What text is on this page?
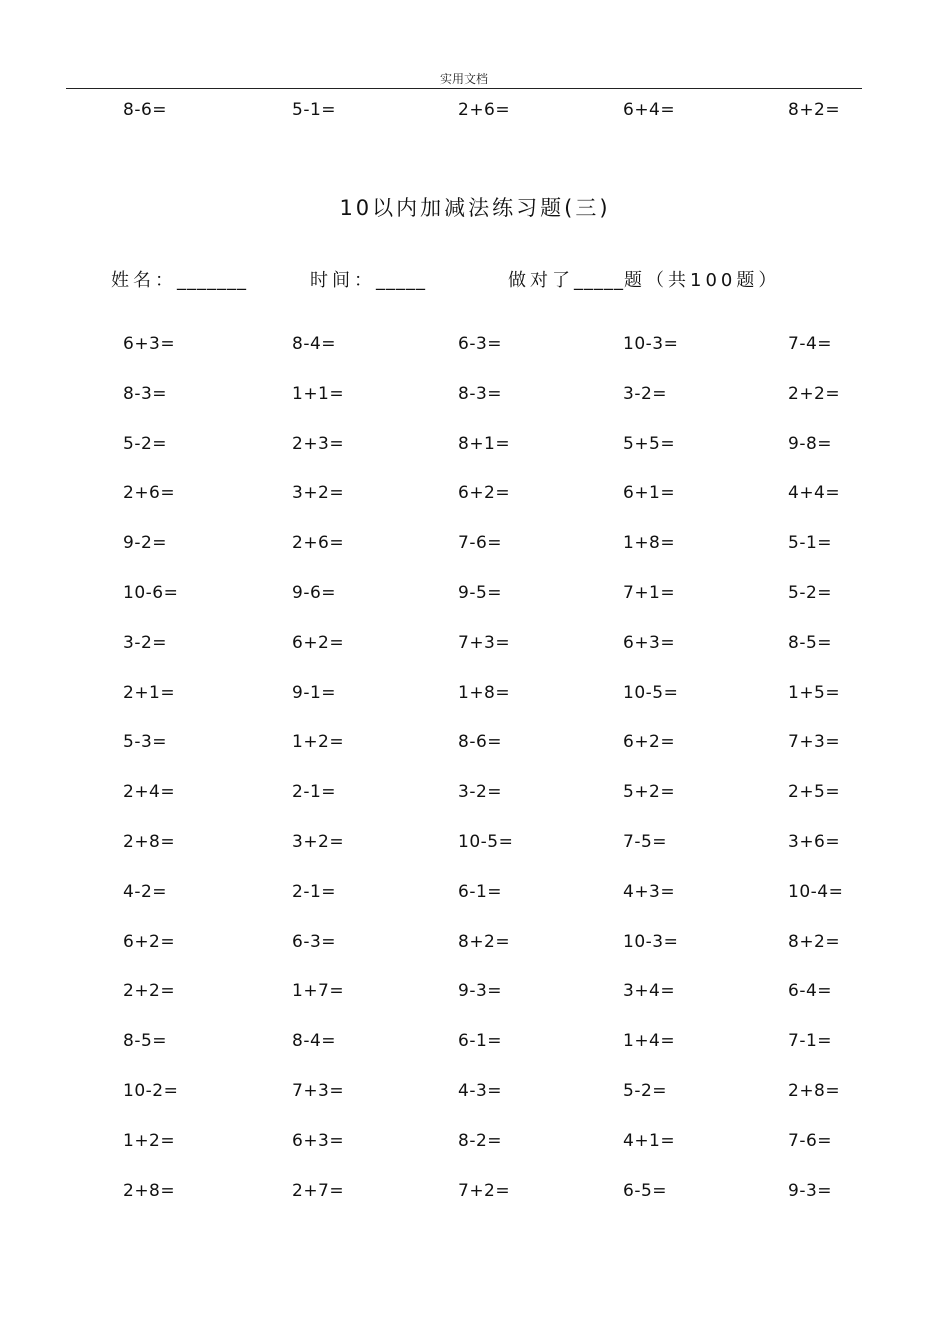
实用文档
8-6=	5-1=	2+6=	6+4=	8+2=
10以内加减法练习题(三)
姓名：_______	时间：_____	做对了_____题（共100题）
6+3=	8-4=	6-3=	10-3=	7-4=
8-3=	1+1=	8-3=	3-2=	2+2=
5-2=	2+3=	8+1=	5+5=	9-8=
2+6=	3+2=	6+2=	6+1=	4+4=
9-2=	2+6=	7-6=	1+8=	5-1=
10-6=	9-6=	9-5=	7+1=	5-2=
3-2=	6+2=	7+3=	6+3=	8-5=
2+1=	9-1=	1+8=	10-5=	1+5=
5-3=	1+2=	8-6=	6+2=	7+3=
2+4=	2-1=	3-2=	5+2=	2+5=
2+8=	3+2=	10-5=	7-5=	3+6=
4-2=	2-1=	6-1=	4+3=	10-4=
6+2=	6-3=	8+2=	10-3=	8+2=
2+2=	1+7=	9-3=	3+4=	6-4=
8-5=	8-4=	6-1=	1+4=	7-1=
10-2=	7+3=	4-3=	5-2=	2+8=
1+2=	6+3=	8-2=	4+1=	7-6=
2+8=	2+7=	7+2=	6-5=	9-3=
